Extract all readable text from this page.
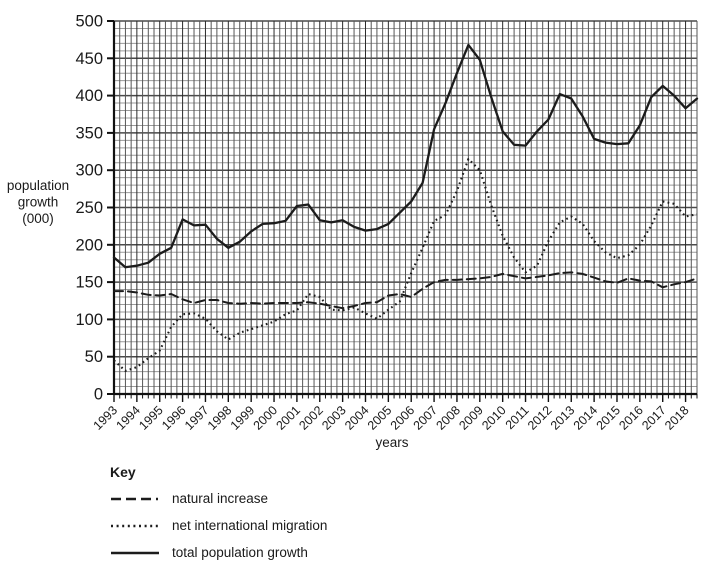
0
50
100
150
200
250
300
350
400
450
500
1993
1994
1995
1996
1997
1998
1999
2000
2001
2002
2003
2004
2005
2006
2007
2008
2009
2010
2011
2012
2013
2014
2015
2016
2017
2018
years
population
growth
(000)
Key
natural increase
net international migration
total population growth
